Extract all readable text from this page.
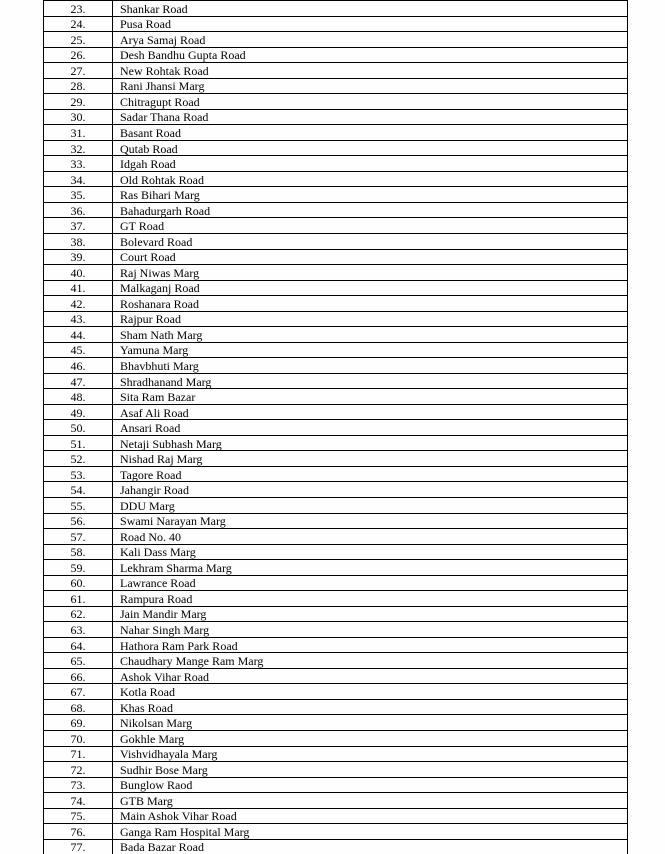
23.	Shankar Road
24.	Pusa Road
25.	Arya Samaj Road
26.	Desh Bandhu Gupta Road
27.	New Rohtak Road
28.	Rani Jhansi Marg
29.	Chitragupt Road
30.	Sadar Thana Road
31.	Basant Road
32.	Qutab Road
33.	Idgah Road
34.	Old Rohtak Road
35.	Ras Bihari Marg
36.	Bahadurgarh Road
37.	GT Road
38.	Bolevard Road
39.	Court Road
40.	Raj Niwas Marg
41.	Malkaganj Road
42.	Roshanara Road
43.	Rajpur Road
44.	Sham Nath Marg
45.	Yamuna Marg
46.	Bhavbhuti Marg
47.	Shradhanand Marg
48.	Sita Ram Bazar
49.	Asaf Ali Road
50.	Ansari Road
51.	Netaji Subhash Marg
52.	Nishad Raj Marg
53.	Tagore Road
54.	Jahangir Road
55.	DDU Marg
56.	Swami Narayan Marg
57.	Road No. 40
58.	Kali Dass Marg
59.	Lekhram Sharma Marg
60.	Lawrance Road
61.	Rampura Road
62.	Jain Mandir Marg
63.	Nahar Singh Marg
64.	Hathora Ram Park Road
65.	Chaudhary Mange Ram Marg
66.	Ashok Vihar Road
67.	Kotla Road
68.	Khas Road
69.	Nikolsan Marg
70.	Gokhle Marg
71.	Vishvidhayala Marg
72.	Sudhir Bose Marg
73.	Bunglow Raod
74.	GTB Marg
75.	Main Ashok Vihar Road
76.	Ganga Ram Hospital Marg
77.	Bada Bazar Road
